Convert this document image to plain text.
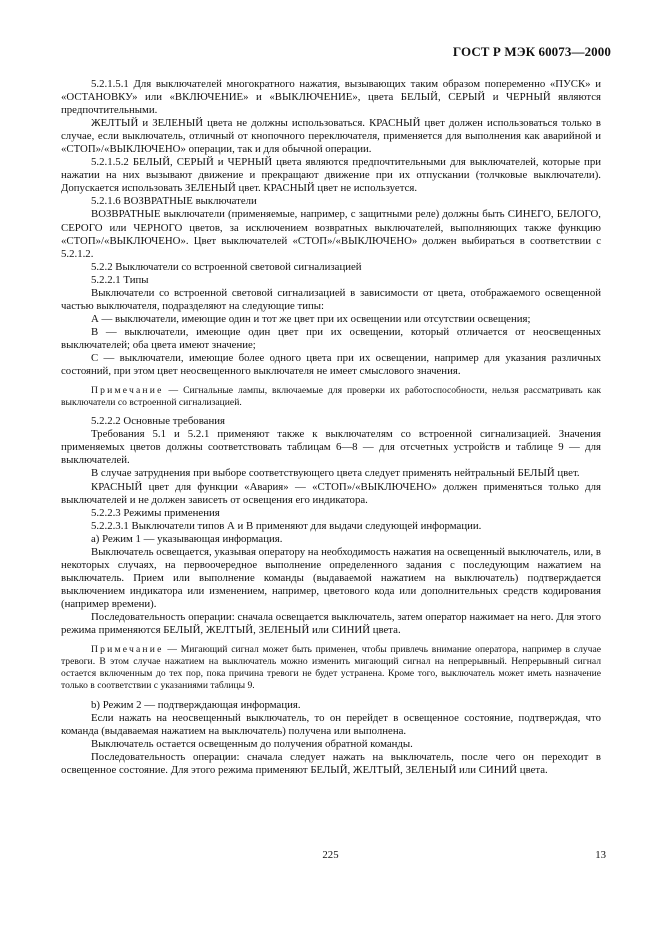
ГОСТ Р МЭК 60073—2000

5.2.1.5.1 Для выключателей многократного нажатия, вызывающих таким образом попеременно «ПУСК» и «ОСТАНОВКУ» или «ВКЛЮЧЕНИЕ» и «ВЫКЛЮЧЕНИЕ», цвета БЕЛЫЙ, СЕРЫЙ и ЧЕРНЫЙ являются предпочтительными.

ЖЕЛТЫЙ и ЗЕЛЕНЫЙ цвета не должны использоваться. КРАСНЫЙ цвет должен использоваться только в случае, если выключатель, отличный от кнопочного переключателя, применяется для выполнения как аварийной и «СТОП»/«ВЫКЛЮЧЕНО» операции, так и для обычной операции.

5.2.1.5.2 БЕЛЫЙ, СЕРЫЙ и ЧЕРНЫЙ цвета являются предпочтительными для выключателей, которые при нажатии на них вызывают движение и прекращают движение при их отпускании (толчковые выключатели). Допускается использовать ЗЕЛЕНЫЙ цвет. КРАСНЫЙ цвет не используется.

5.2.1.6 ВОЗВРАТНЫЕ выключатели

ВОЗВРАТНЫЕ выключатели (применяемые, например, с защитными реле) должны быть СИНЕГО, БЕЛОГО, СЕРОГО или ЧЕРНОГО цветов, за исключением возвратных выключателей, выполняющих также функцию «СТОП»/«ВЫКЛЮЧЕНО». Цвет выключателей «СТОП»/«ВЫКЛЮЧЕНО» должен выбираться в соответствии с 5.2.1.2.

5.2.2 Выключатели со встроенной световой сигнализацией

5.2.2.1 Типы

Выключатели со встроенной световой сигнализацией в зависимости от цвета, отображаемого освещенной частью выключателя, подразделяют на следующие типы:

А — выключатели, имеющие один и тот же цвет при их освещении или отсутствии освещения;

В — выключатели, имеющие один цвет при их освещении, который отличается от неосвещенных выключателей; оба цвета имеют значение;

С — выключатели, имеющие более одного цвета при их освещении, например для указания различных состояний, при этом цвет неосвещенного выключателя не имеет смыслового значения.

Примечание — Сигнальные лампы, включаемые для проверки их работоспособности, нельзя рассматривать как выключатели со встроенной сигнализацией.

5.2.2.2 Основные требования

Требования 5.1 и 5.2.1 применяют также к выключателям со встроенной сигнализацией. Значения применяемых цветов должны соответствовать таблицам 6—8 — для отсчетных устройств и таблице 9 — для выключателей.

В случае затруднения при выборе соответствующего цвета следует применять нейтральный БЕЛЫЙ цвет.

КРАСНЫЙ цвет для функции «Авария» — «СТОП»/«ВЫКЛЮЧЕНО» должен применяться только для выключателей и не должен зависеть от освещения его индикатора.

5.2.2.3 Режимы применения

5.2.2.3.1 Выключатели типов А и В применяют для выдачи следующей информации.

а) Режим 1 — указывающая информация.

Выключатель освещается, указывая оператору на необходимость нажатия на освещенный выключатель, или, в некоторых случаях, на первоочередное выполнение определенного задания с последующим нажатием на выключатель. Прием или выполнение команды (выдаваемой нажатием на выключатель) подтверждается выключением индикатора или изменением, например, цветового кода или дополнительных средств кодирования (например времени).

Последовательность операции: сначала освещается выключатель, затем оператор нажимает на него. Для этого режима применяются БЕЛЫЙ, ЖЕЛТЫЙ, ЗЕЛЕНЫЙ или СИНИЙ цвета.

Примечание — Мигающий сигнал может быть применен, чтобы привлечь внимание оператора, например в случае тревоги. В этом случае нажатием на выключатель можно изменить мигающий сигнал на непрерывный. Непрерывный сигнал остается включенным до тех пор, пока причина тревоги не будет устранена. Кроме того, выключатель может иметь назначение только в соответствии с указаниями таблицы 9.

b) Режим 2 — подтверждающая информация.

Если нажать на неосвещенный выключатель, то он перейдет в освещенное состояние, подтверждая, что команда (выдаваемая нажатием на выключатель) получена или выполнена.

Выключатель остается освещенным до получения обратной команды.

Последовательность операции: сначала следует нажать на выключатель, после чего он переходит в освещенное состояние. Для этого режима применяют БЕЛЫЙ, ЖЕЛТЫЙ, ЗЕЛЕНЫЙ или СИНИЙ цвета.

225	13
